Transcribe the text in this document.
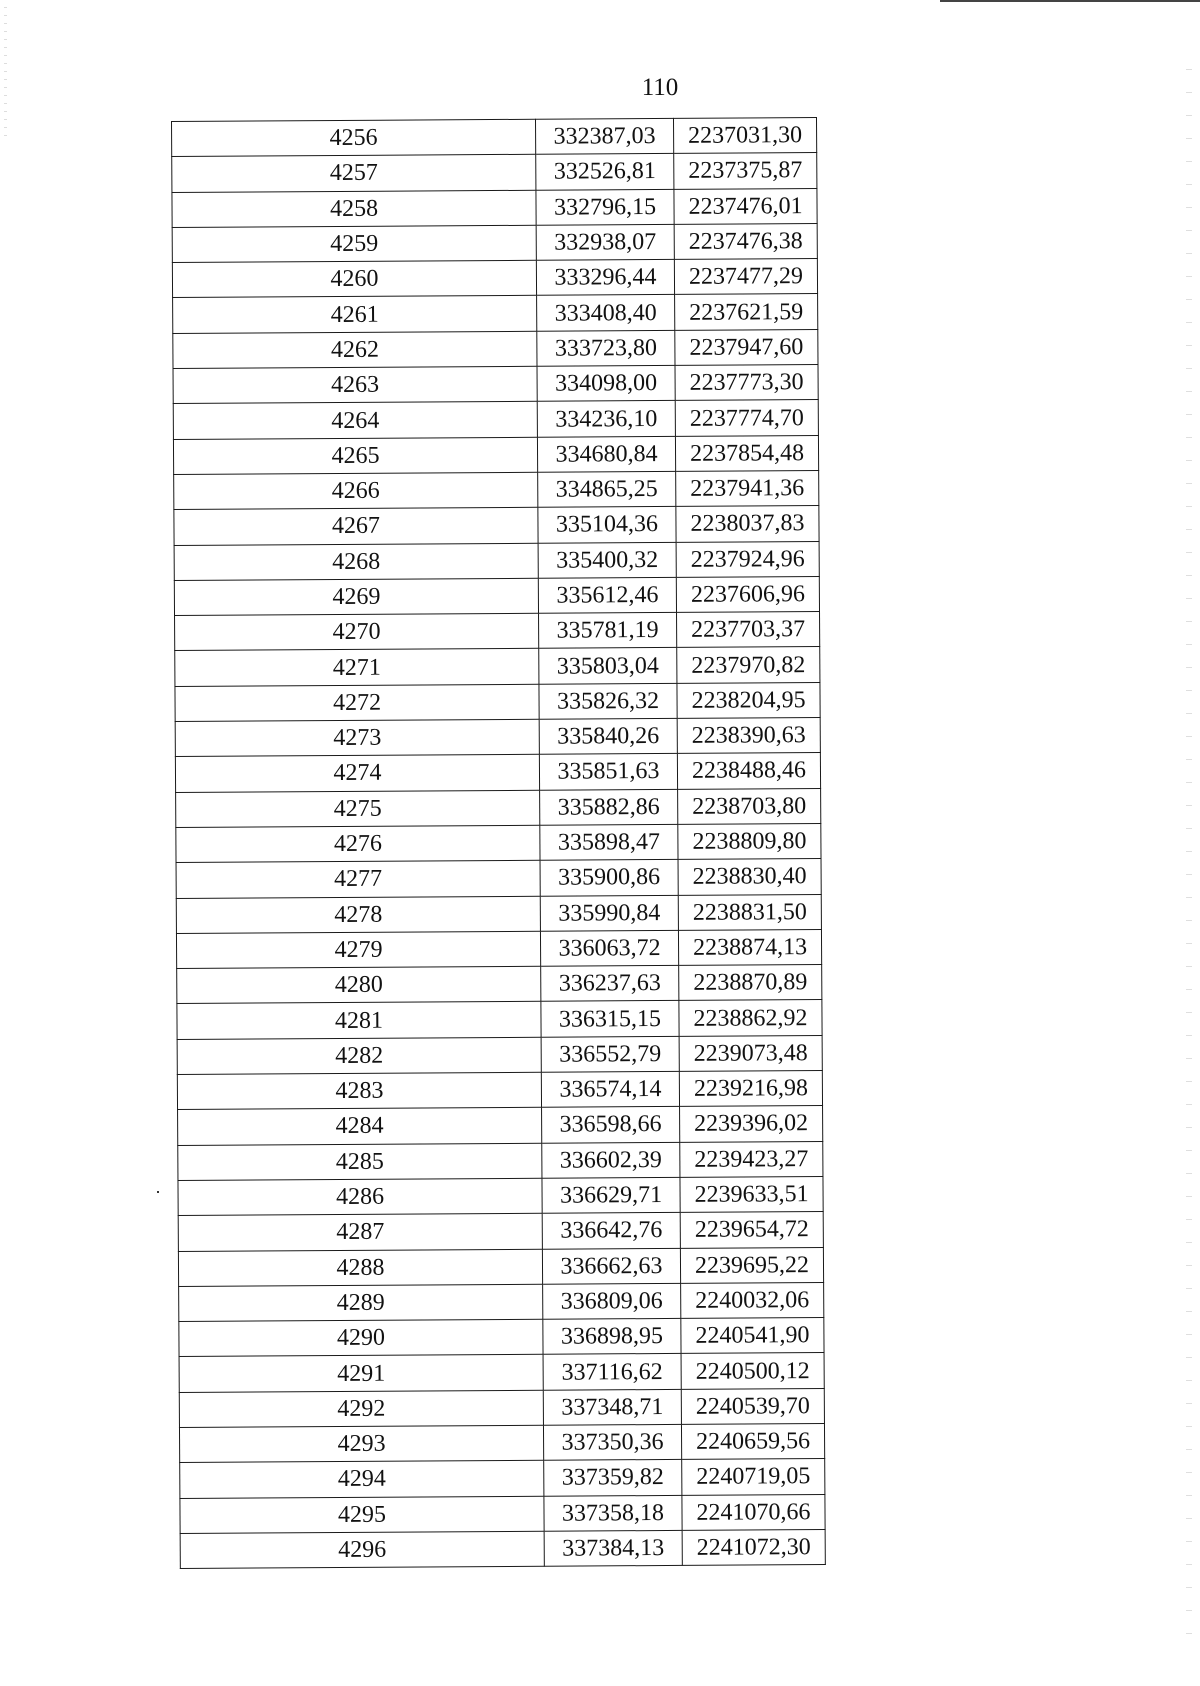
110
4256	332387,03	2237031,30
4257	332526,81	2237375,87
4258	332796,15	2237476,01
4259	332938,07	2237476,38
4260	333296,44	2237477,29
4261	333408,40	2237621,59
4262	333723,80	2237947,60
4263	334098,00	2237773,30
4264	334236,10	2237774,70
4265	334680,84	2237854,48
4266	334865,25	2237941,36
4267	335104,36	2238037,83
4268	335400,32	2237924,96
4269	335612,46	2237606,96
4270	335781,19	2237703,37
4271	335803,04	2237970,82
4272	335826,32	2238204,95
4273	335840,26	2238390,63
4274	335851,63	2238488,46
4275	335882,86	2238703,80
4276	335898,47	2238809,80
4277	335900,86	2238830,40
4278	335990,84	2238831,50
4279	336063,72	2238874,13
4280	336237,63	2238870,89
4281	336315,15	2238862,92
4282	336552,79	2239073,48
4283	336574,14	2239216,98
4284	336598,66	2239396,02
4285	336602,39	2239423,27
4286	336629,71	2239633,51
4287	336642,76	2239654,72
4288	336662,63	2239695,22
4289	336809,06	2240032,06
4290	336898,95	2240541,90
4291	337116,62	2240500,12
4292	337348,71	2240539,70
4293	337350,36	2240659,56
4294	337359,82	2240719,05
4295	337358,18	2241070,66
4296	337384,13	2241072,30
